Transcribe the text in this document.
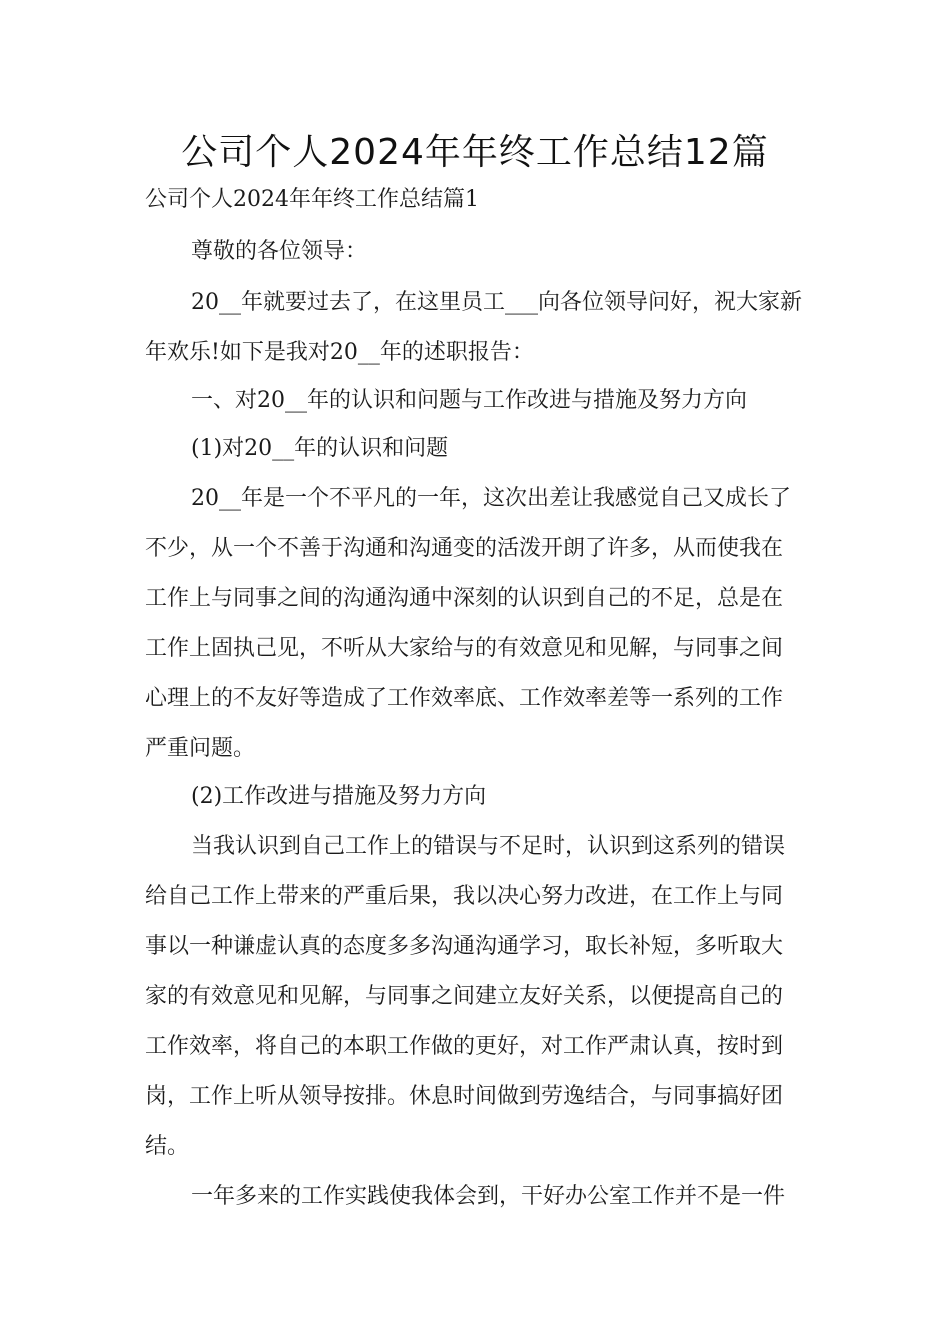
公司个人2024年年终工作总结12篇
公司个人2024年年终工作总结篇1
尊敬的各位领导：
20__年就要过去了，在这里员工___向各位领导问好，祝大家新
年欢乐!如下是我对20__年的述职报告：
一、对20__年的认识和问题与工作改进与措施及努力方向
(1)对20__年的认识和问题
20__年是一个不平凡的一年，这次出差让我感觉自己又成长了
不少，从一个不善于沟通和沟通变的活泼开朗了许多，从而使我在
工作上与同事之间的沟通沟通中深刻的认识到自己的不足，总是在
工作上固执己见，不听从大家给与的有效意见和见解，与同事之间
心理上的不友好等造成了工作效率底、工作效率差等一系列的工作
严重问题。
(2)工作改进与措施及努力方向
当我认识到自己工作上的错误与不足时，认识到这系列的错误
给自己工作上带来的严重后果，我以决心努力改进，在工作上与同
事以一种谦虚认真的态度多多沟通沟通学习，取长补短，多听取大
家的有效意见和见解，与同事之间建立友好关系，以便提高自己的
工作效率，将自己的本职工作做的更好，对工作严肃认真，按时到
岗，工作上听从领导按排。休息时间做到劳逸结合，与同事搞好团
结。
一年多来的工作实践使我体会到，干好办公室工作并不是一件
